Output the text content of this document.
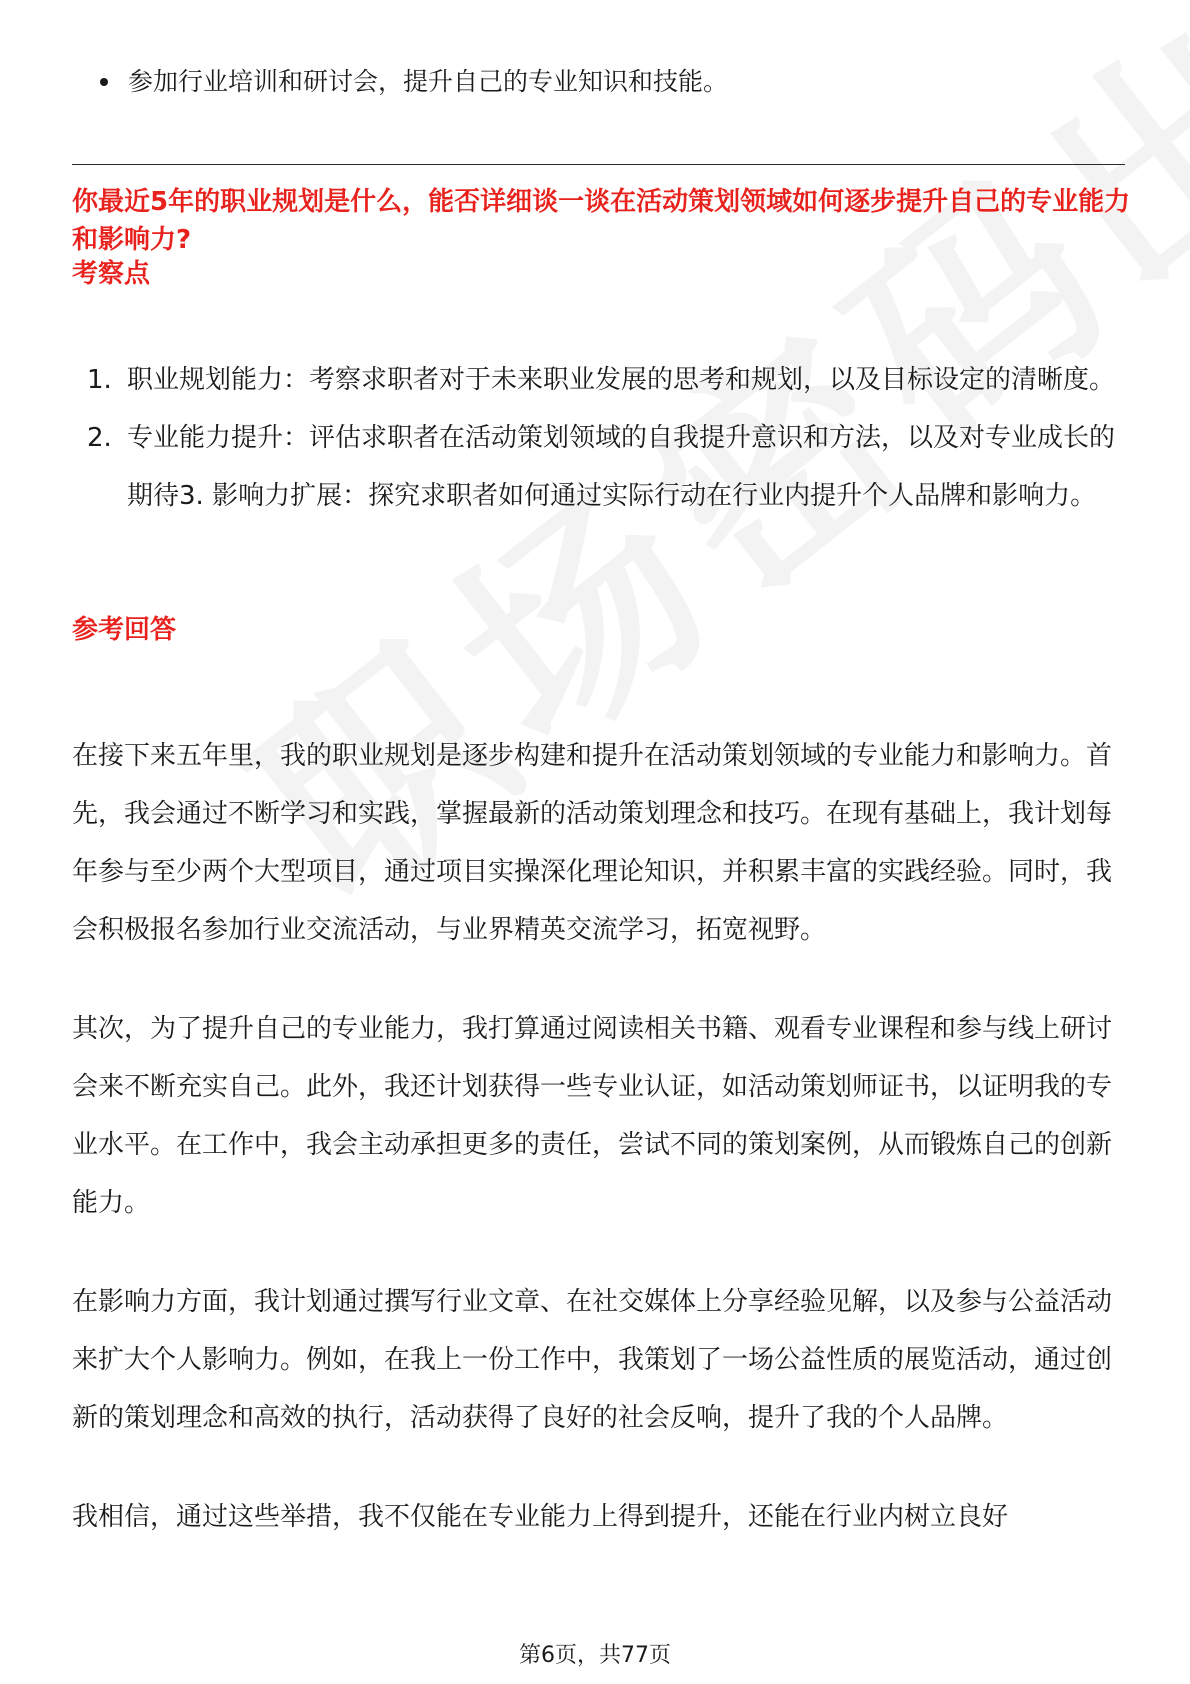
参加行业培训和研讨会，提升自己的专业知识和技能。
你最近5年的职业规划是什么，能否详细谈一谈在活动策划领域如何逐步提升自己的专业能力和影响力?
考察点
1. 职业规划能力：考察求职者对于未来职业发展的思考和规划，以及目标设定的清晰度。
2. 专业能力提升：评估求职者在活动策划领域的自我提升意识和方法，以及对专业成长的期待3. 影响力扩展：探究求职者如何通过实际行动在行业内提升个人品牌和影响力。
参考回答

在接下来五年里，我的职业规划是逐步构建和提升在活动策划领域的专业能力和影响力。首先，我会通过不断学习和实践，掌握最新的活动策划理念和技巧。在现有基础上，我计划每年参与至少两个大型项目，通过项目实操深化理论知识，并积累丰富的实践经验。同时，我会积极报名参加行业交流活动，与业界精英交流学习，拓宽视野。

其次，为了提升自己的专业能力，我打算通过阅读相关书籍、观看专业课程和参与线上研讨会来不断充实自己。此外，我还计划获得一些专业认证，如活动策划师证书，以证明我的专业水平。在工作中，我会主动承担更多的责任，尝试不同的策划案例，从而锻炼自己的创新能力。

在影响力方面，我计划通过撰写行业文章、在社交媒体上分享经验见解，以及参与公益活动来扩大个人影响力。例如，在我上一份工作中，我策划了一场公益性质的展览活动，通过创新的策划理念和高效的执行，活动获得了良好的社会反响，提升了我的个人品牌。

我相信，通过这些举措，我不仅能在专业能力上得到提升，还能在行业内树立良好

第6页，共77页
